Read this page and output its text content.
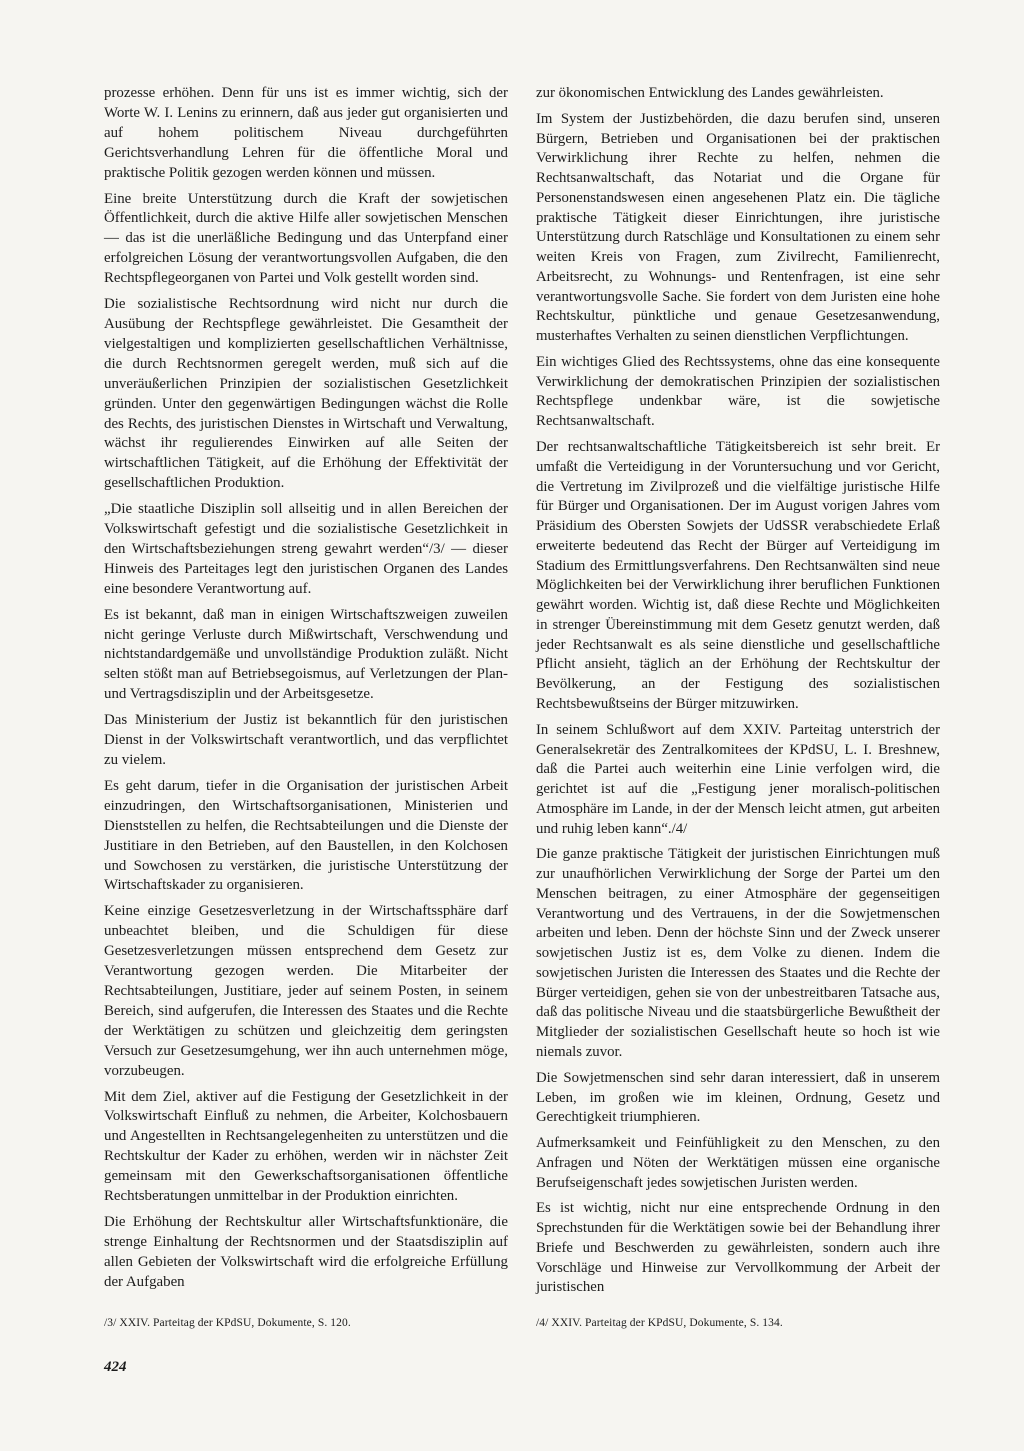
prozesse erhöhen. Denn für uns ist es immer wichtig, sich der Worte W. I. Lenins zu erinnern, daß aus jeder gut organisierten und auf hohem politischem Niveau durchgeführten Gerichtsverhandlung Lehren für die öffentliche Moral und praktische Politik gezogen werden können und müssen.

Eine breite Unterstützung durch die Kraft der sowjetischen Öffentlichkeit, durch die aktive Hilfe aller sowjetischen Menschen — das ist die unerläßliche Bedingung und das Unterpfand einer erfolgreichen Lösung der verantwortungsvollen Aufgaben, die den Rechtspflegeorganen von Partei und Volk gestellt worden sind.

Die sozialistische Rechtsordnung wird nicht nur durch die Ausübung der Rechtspflege gewährleistet. Die Gesamtheit der vielgestaltigen und komplizierten gesellschaftlichen Verhältnisse, die durch Rechtsnormen geregelt werden, muß sich auf die unveräußerlichen Prinzipien der sozialistischen Gesetzlichkeit gründen. Unter den gegenwärtigen Bedingungen wächst die Rolle des Rechts, des juristischen Dienstes in Wirtschaft und Verwaltung, wächst ihr regulierendes Einwirken auf alle Seiten der wirtschaftlichen Tätigkeit, auf die Erhöhung der Effektivität der gesellschaftlichen Produktion.

„Die staatliche Disziplin soll allseitig und in allen Bereichen der Volkswirtschaft gefestigt und die sozialistische Gesetzlichkeit in den Wirtschaftsbeziehungen streng gewahrt werden“/3/ — dieser Hinweis des Parteitages legt den juristischen Organen des Landes eine besondere Verantwortung auf.

Es ist bekannt, daß man in einigen Wirtschaftszweigen zuweilen nicht geringe Verluste durch Mißwirtschaft, Verschwendung und nichtstandardgemäße und unvollständige Produktion zuläßt. Nicht selten stößt man auf Betriebsegoismus, auf Verletzungen der Plan- und Vertragsdisziplin und der Arbeitsgesetze.

Das Ministerium der Justiz ist bekanntlich für den juristischen Dienst in der Volkswirtschaft verantwortlich, und das verpflichtet zu vielem.

Es geht darum, tiefer in die Organisation der juristischen Arbeit einzudringen, den Wirtschaftsorganisationen, Ministerien und Dienststellen zu helfen, die Rechtsabteilungen und die Dienste der Justitiare in den Betrieben, auf den Baustellen, in den Kolchosen und Sowchosen zu verstärken, die juristische Unterstützung der Wirtschaftskader zu organisieren.

Keine einzige Gesetzesverletzung in der Wirtschaftssphäre darf unbeachtet bleiben, und die Schuldigen für diese Gesetzesverletzungen müssen entsprechend dem Gesetz zur Verantwortung gezogen werden. Die Mitarbeiter der Rechtsabteilungen, Justitiare, jeder auf seinem Posten, in seinem Bereich, sind aufgerufen, die Interessen des Staates und die Rechte der Werktätigen zu schützen und gleichzeitig dem geringsten Versuch zur Gesetzesumgehung, wer ihn auch unternehmen möge, vorzubeugen.

Mit dem Ziel, aktiver auf die Festigung der Gesetzlichkeit in der Volkswirtschaft Einfluß zu nehmen, die Arbeiter, Kolchosbauern und Angestellten in Rechtsangelegenheiten zu unterstützen und die Rechtskultur der Kader zu erhöhen, werden wir in nächster Zeit gemeinsam mit den Gewerkschaftsorganisationen öffentliche Rechtsberatungen unmittelbar in der Produktion einrichten.

Die Erhöhung der Rechtskultur aller Wirtschaftsfunktionäre, die strenge Einhaltung der Rechtsnormen und der Staatsdisziplin auf allen Gebieten der Volkswirtschaft wird die erfolgreiche Erfüllung der Aufgaben

zur ökonomischen Entwicklung des Landes gewährleisten.

Im System der Justizbehörden, die dazu berufen sind, unseren Bürgern, Betrieben und Organisationen bei der praktischen Verwirklichung ihrer Rechte zu helfen, nehmen die Rechtsanwaltschaft, das Notariat und die Organe für Personenstandswesen einen angesehenen Platz ein. Die tägliche praktische Tätigkeit dieser Einrichtungen, ihre juristische Unterstützung durch Ratschläge und Konsultationen zu einem sehr weiten Kreis von Fragen, zum Zivilrecht, Familienrecht, Arbeitsrecht, zu Wohnungs- und Rentenfragen, ist eine sehr verantwortungsvolle Sache. Sie fordert von dem Juristen eine hohe Rechtskultur, pünktliche und genaue Gesetzesanwendung, musterhaftes Verhalten zu seinen dienstlichen Verpflichtungen.

Ein wichtiges Glied des Rechtssystems, ohne das eine konsequente Verwirklichung der demokratischen Prinzipien der sozialistischen Rechtspflege undenkbar wäre, ist die sowjetische Rechtsanwaltschaft.

Der rechtsanwaltschaftliche Tätigkeitsbereich ist sehr breit. Er umfaßt die Verteidigung in der Voruntersuchung und vor Gericht, die Vertretung im Zivilprozeß und die vielfältige juristische Hilfe für Bürger und Organisationen. Der im August vorigen Jahres vom Präsidium des Obersten Sowjets der UdSSR verabschiedete Erlaß erweiterte bedeutend das Recht der Bürger auf Verteidigung im Stadium des Ermittlungsverfahrens. Den Rechtsanwälten sind neue Möglichkeiten bei der Verwirklichung ihrer beruflichen Funktionen gewährt worden. Wichtig ist, daß diese Rechte und Möglichkeiten in strenger Übereinstimmung mit dem Gesetz genutzt werden, daß jeder Rechtsanwalt es als seine dienstliche und gesellschaftliche Pflicht ansieht, täglich an der Erhöhung der Rechtskultur der Bevölkerung, an der Festigung des sozialistischen Rechtsbewußtseins der Bürger mitzuwirken.

In seinem Schlußwort auf dem XXIV. Parteitag unterstrich der Generalsekretär des Zentralkomitees der KPdSU, L. I. Breshnew, daß die Partei auch weiterhin eine Linie verfolgen wird, die gerichtet ist auf die „Festigung jener moralisch-politischen Atmosphäre im Lande, in der der Mensch leicht atmen, gut arbeiten und ruhig leben kann“./4/

Die ganze praktische Tätigkeit der juristischen Einrichtungen muß zur unaufhörlichen Verwirklichung der Sorge der Partei um den Menschen beitragen, zu einer Atmosphäre der gegenseitigen Verantwortung und des Vertrauens, in der die Sowjetmenschen arbeiten und leben. Denn der höchste Sinn und der Zweck unserer sowjetischen Justiz ist es, dem Volke zu dienen. Indem die sowjetischen Juristen die Interessen des Staates und die Rechte der Bürger verteidigen, gehen sie von der unbestreitbaren Tatsache aus, daß das politische Niveau und die staatsbürgerliche Bewußtheit der Mitglieder der sozialistischen Gesellschaft heute so hoch ist wie niemals zuvor.

Die Sowjetmenschen sind sehr daran interessiert, daß in unserem Leben, im großen wie im kleinen, Ordnung, Gesetz und Gerechtigkeit triumphieren.

Aufmerksamkeit und Feinfühligkeit zu den Menschen, zu den Anfragen und Nöten der Werktätigen müssen eine organische Berufseigenschaft jedes sowjetischen Juristen werden.

Es ist wichtig, nicht nur eine entsprechende Ordnung in den Sprechstunden für die Werktätigen sowie bei der Behandlung ihrer Briefe und Beschwerden zu gewährleisten, sondern auch ihre Vorschläge und Hinweise zur Vervollkommung der Arbeit der juristischen

/3/ XXIV. Parteitag der KPdSU, Dokumente, S. 120.	/4/ XXIV. Parteitag der KPdSU, Dokumente, S. 134.
424
